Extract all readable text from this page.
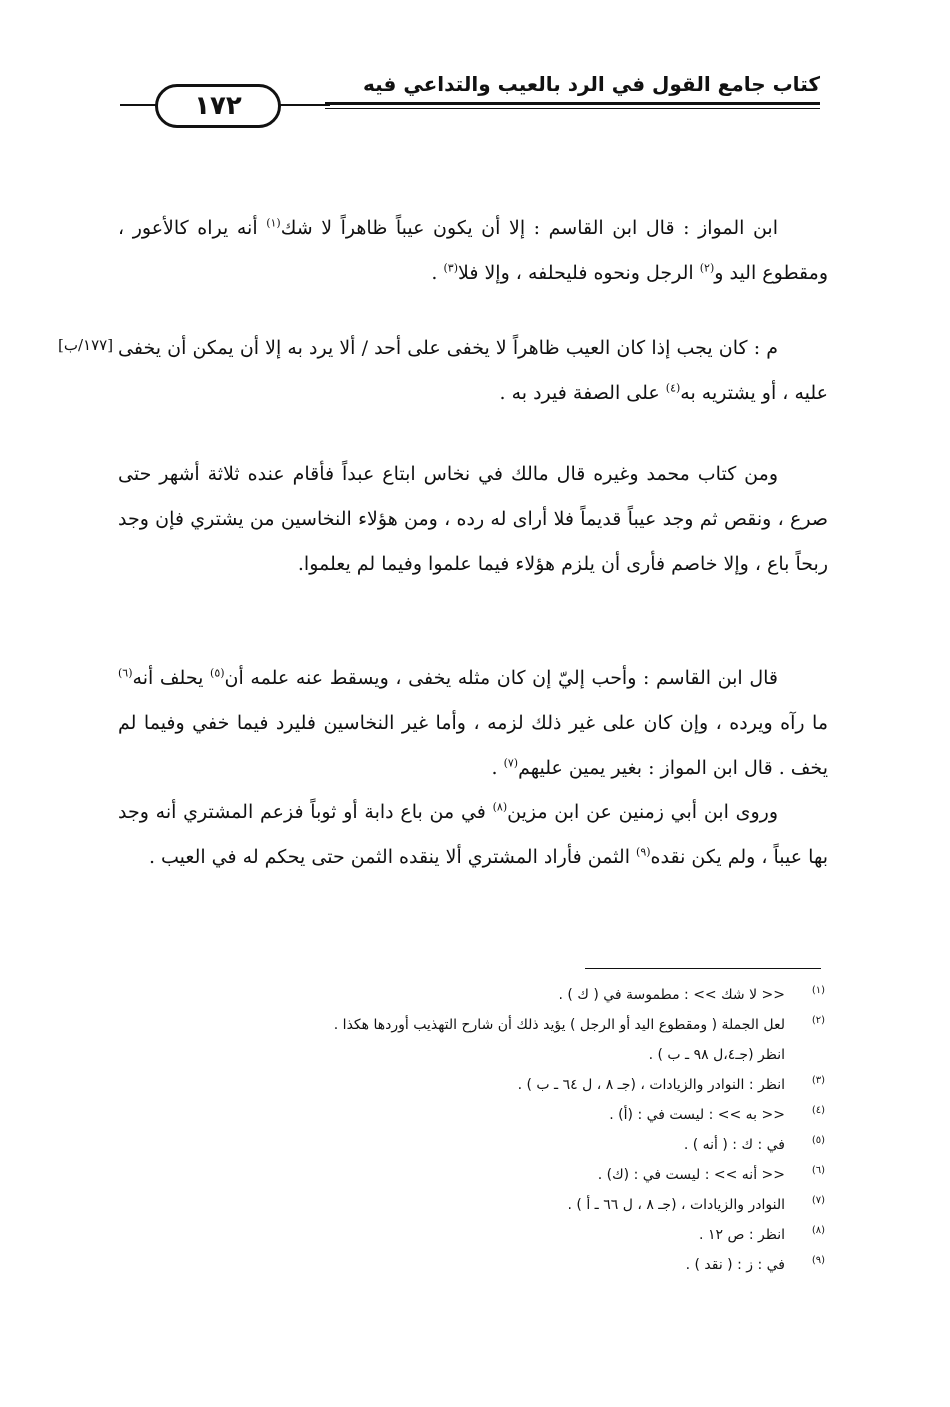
كتاب جامع القول في الرد بالعيب والتداعي فيه
١٧٢
ابن المواز : قال ابن القاسم : إلا أن يكون عيباً ظاهراً لا شك$^{(١)}$ أنه يراه كالأعور ، ومقطوع اليد و$^{(٢)}$ الرجل ونحوه فليحلفه ، وإلا فلا$^{(٣)}$ .
م : كان يجب إذا كان العيب ظاهراً لا يخفى على أحد / ألا يرد به إلا أن يمكن أن يخفى عليه ، أو يشتريه به$^{(٤)}$ على الصفة فيرد به .
[١٧٧/ب]
ومن كتاب محمد وغيره قال مالك في نخاس ابتاع عبداً فأقام عنده ثلاثة أشهر حتى صرع ، ونقص ثم وجد عيباً قديماً فلا أراى له رده ، ومن هؤلاء النخاسين من يشتري فإن وجد ربحاً باع ، وإلا خاصم فأرى أن يلزم هؤلاء فيما علموا وفيما لم يعلموا.
قال ابن القاسم : وأحب إليّ إن كان مثله يخفى ، ويسقط عنه علمه أن$^{(٥)}$ يحلف أنه$^{(٦)}$ ما رآه ويرده ، وإن كان على غير ذلك لزمه ، وأما غير النخاسين فليرد فيما خفي وفيما لم يخف . قال ابن المواز : بغير يمين عليهم$^{(٧)}$ .
وروى ابن أبي زمنين عن ابن مزين$^{(٨)}$ في من باع دابة أو ثوباً فزعم المشتري أنه وجد بها عيباً ، ولم يكن نقده$^{(٩)}$ الثمن فأراد المشتري ألا ينقده الثمن حتى يحكم له في العيب .
(١)
<< لا شك >> : مطموسة في ( ك ) .
(٢)
لعل الجملة ( ومقطوع اليد أو الرجل ) يؤيد ذلك أن شارح التهذيب أوردها هكذا .
انظر (جـ٤،ل ٩٨ ـ ب ) .
(٣)
انظر : النوادر والزيادات ، (جـ ٨ ، ل ٦٤ ـ ب ) .
(٤)
<< به >> : ليست في : (أ) .
(٥)
في : ك : ( أنه ) .
(٦)
<< أنه >> : ليست في : (ك) .
(٧)
النوادر والزيادات ، (جـ ٨ ، ل ٦٦ ـ أ ) .
(٨)
انظر : ص ١٢ .
(٩)
في : ز : ( نقد ) .
